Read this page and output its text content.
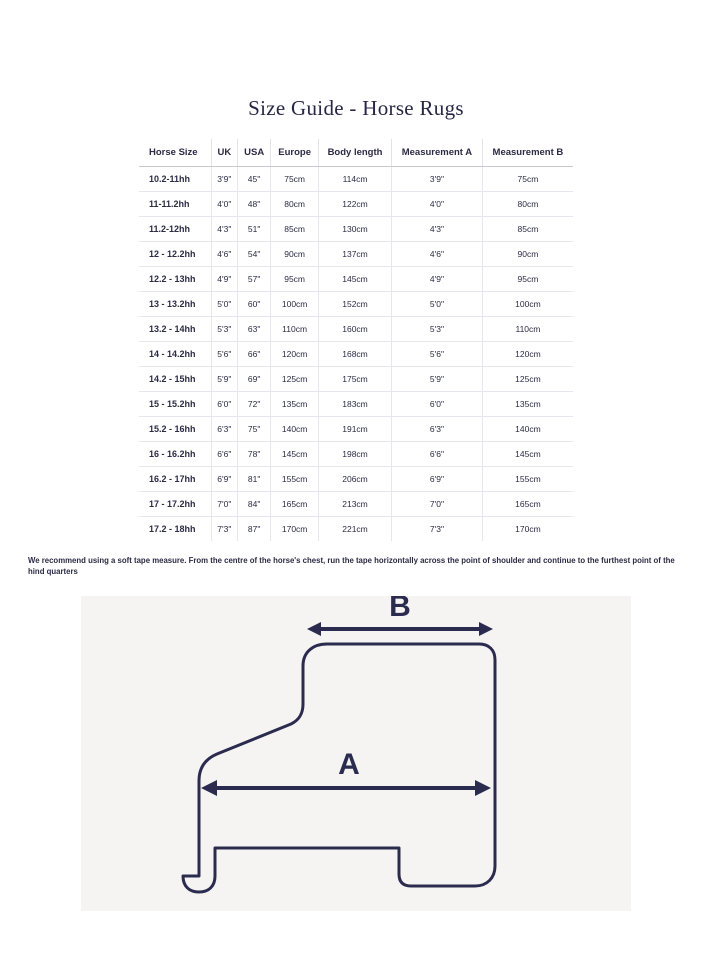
Size Guide - Horse Rugs
Horse Size	UK	USA	Europe	Body length	Measurement A	Measurement B
10.2-11hh	3'9"	45''	75cm	114cm	3'9"	75cm
11-11.2hh	4'0"	48''	80cm	122cm	4'0"	80cm
11.2-12hh	4'3"	51"	85cm	130cm	4'3"	85cm
12 - 12.2hh	4'6"	54"	90cm	137cm	4'6"	90cm
12.2 - 13hh	4'9"	57"	95cm	145cm	4'9"	95cm
13 - 13.2hh	5'0"	60"	100cm	152cm	5'0"	100cm
13.2 - 14hh	5'3"	63"	110cm	160cm	5'3"	110cm
14 - 14.2hh	5'6"	66"	120cm	168cm	5'6"	120cm
14.2 - 15hh	5'9"	69"	125cm	175cm	5'9"	125cm
15 - 15.2hh	6'0"	72"	135cm	183cm	6'0"	135cm
15.2 - 16hh	6'3"	75"	140cm	191cm	6'3"	140cm
16 - 16.2hh	6'6"	78"	145cm	198cm	6'6"	145cm
16.2 - 17hh	6'9"	81"	155cm	206cm	6'9"	155cm
17 - 17.2hh	7'0"	84"	165cm	213cm	7'0"	165cm
17.2 - 18hh	7'3"	87"	170cm	221cm	7'3"	170cm
We recommend using a soft tape measure. From the centre of the horse's chest, run the tape horizontally across the point of shoulder and continue to the furthest point of the hind quarters
B
A
